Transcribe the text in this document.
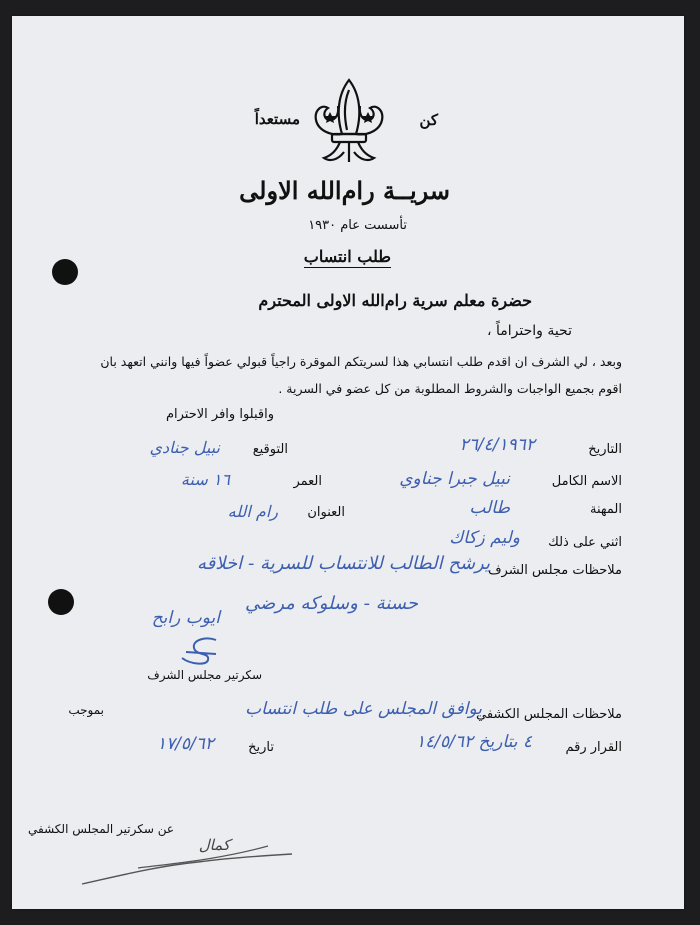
كن
مستعداً
سريــة رام‌الله الاولى
تأسست عام ١٩٣٠
طلب انتساب
حضرة معلم سرية رام‌الله الاولى المحترم
تحية واحتراماً ،
وبعد ، لي الشرف ان اقدم طلب انتسابي هذا لسريتكم الموقرة راجياً قبولي عضواً فيها وانني اتعهد بان
اقوم بجميع الواجبات والشروط المطلوبة من كل عضو في السرية .
واقبلوا وافر الاحترام
التاريخ
٢٦/٤/١٩٦٢
التوقيع
نبيل جنادي
الاسم الكامل
نبيل جبرا جناوي
العمر
١٦ سنة
المهنة
طالب
العنوان
رام الله
اثني على ذلك
وليم زكاك
ملاحظات مجلس الشرف
يرشح الطالب للانتساب للسرية - اخلاقه
حسنة - وسلوكه مرضي
ايوب رابح
سكرتير مجلس الشرف
ملاحظات المجلس الكشفي
يوافق المجلس على طلب انتساب
بموجب
القرار رقم
٤ بتاريخ ١٤/٥/٦٢
تاريخ
١٧/٥/٦٢
عن سكرتير المجلس الكشفي
كمال
